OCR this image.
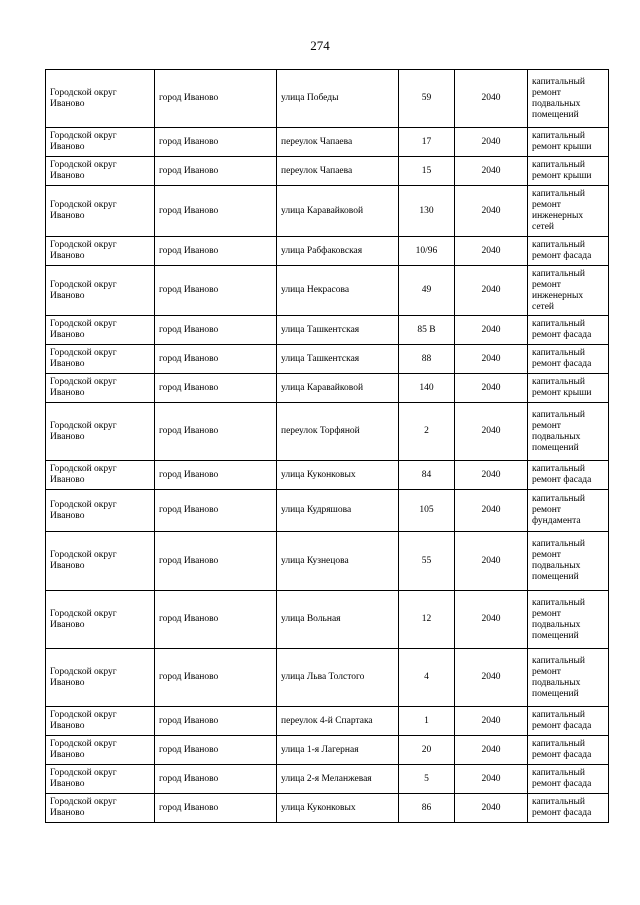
274
Городской округ Иваново	город Иваново	улица Победы	59	2040	капитальный ремонт подвальных помещений
Городской округ Иваново	город Иваново	переулок Чапаева	17	2040	капитальный ремонт крыши
Городской округ Иваново	город Иваново	переулок Чапаева	15	2040	капитальный ремонт крыши
Городской округ Иваново	город Иваново	улица Каравайковой	130	2040	капитальный ремонт инженерных сетей
Городской округ Иваново	город Иваново	улица Рабфаковская	10/96	2040	капитальный ремонт фасада
Городской округ Иваново	город Иваново	улица Некрасова	49	2040	капитальный ремонт инженерных сетей
Городской округ Иваново	город Иваново	улица Ташкентская	85 В	2040	капитальный ремонт фасада
Городской округ Иваново	город Иваново	улица Ташкентская	88	2040	капитальный ремонт фасада
Городской округ Иваново	город Иваново	улица Каравайковой	140	2040	капитальный ремонт крыши
Городской округ Иваново	город Иваново	переулок Торфяной	2	2040	капитальный ремонт подвальных помещений
Городской округ Иваново	город Иваново	улица Куконковых	84	2040	капитальный ремонт фасада
Городской округ Иваново	город Иваново	улица Кудряшова	105	2040	капитальный ремонт фундамента
Городской округ Иваново	город Иваново	улица Кузнецова	55	2040	капитальный ремонт подвальных помещений
Городской округ Иваново	город Иваново	улица Вольная	12	2040	капитальный ремонт подвальных помещений
Городской округ Иваново	город Иваново	улица Льва Толстого	4	2040	капитальный ремонт подвальных помещений
Городской округ Иваново	город Иваново	переулок 4-й Спартака	1	2040	капитальный ремонт фасада
Городской округ Иваново	город Иваново	улица 1-я Лагерная	20	2040	капитальный ремонт фасада
Городской округ Иваново	город Иваново	улица 2-я Меланжевая	5	2040	капитальный ремонт фасада
Городской округ Иваново	город Иваново	улица Куконковых	86	2040	капитальный ремонт фасада
